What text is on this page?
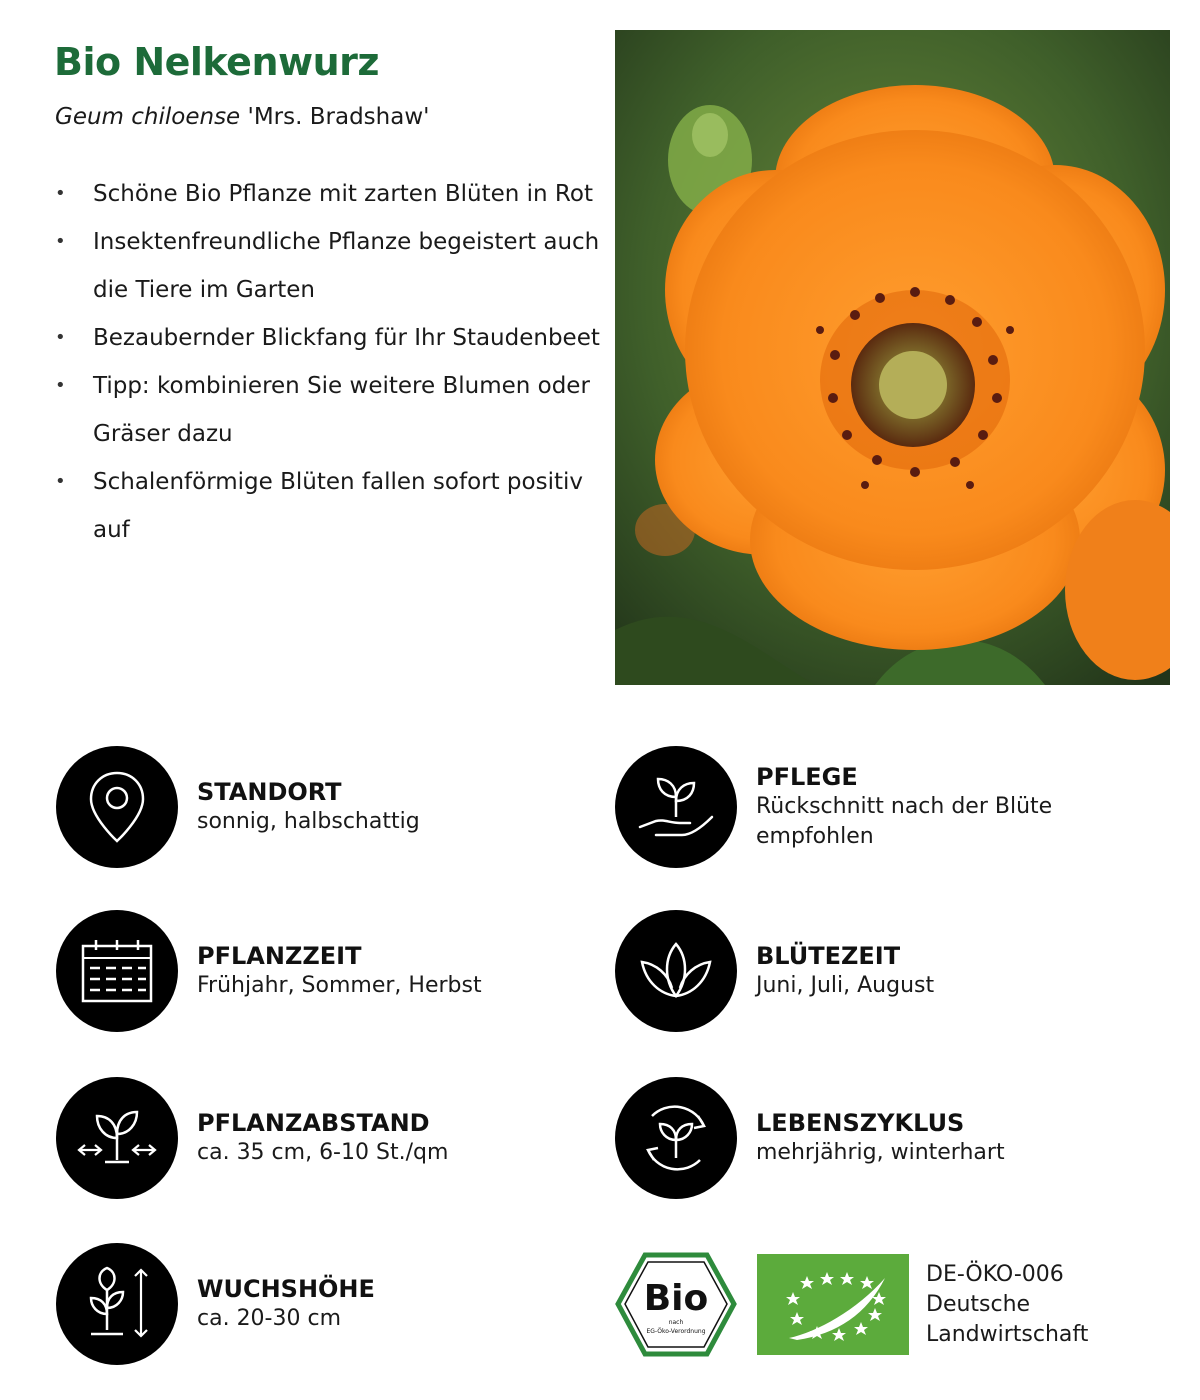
Bio Nelkenwurz

Geum chiloense 'Mrs. Bradshaw'

• Schöne Bio Pflanze mit zarten Blüten in Rot
• Insektenfreundliche Pflanze begeistert auch die Tiere im Garten
• Bezaubernder Blickfang für Ihr Staudenbeet
• Tipp: kombinieren Sie weitere Blumen oder Gräser dazu
• Schalenförmige Blüten fallen sofort positiv auf
STANDORT
sonnig, halbschattig
PFLEGE
Rückschnitt nach der Blüte empfohlen
PFLANZZEIT
Frühjahr, Sommer, Herbst
BLÜTEZEIT
Juni, Juli, August
PFLANZABSTAND
ca. 35 cm, 6-10 St./qm
LEBENSZYKLUS
mehrjährig, winterhart
WUCHSHÖHE
ca. 20-30 cm	Bio
nach
EG-Öko-Verordnung
DE-ÖKO-006
Deutsche
Landwirtschaft
